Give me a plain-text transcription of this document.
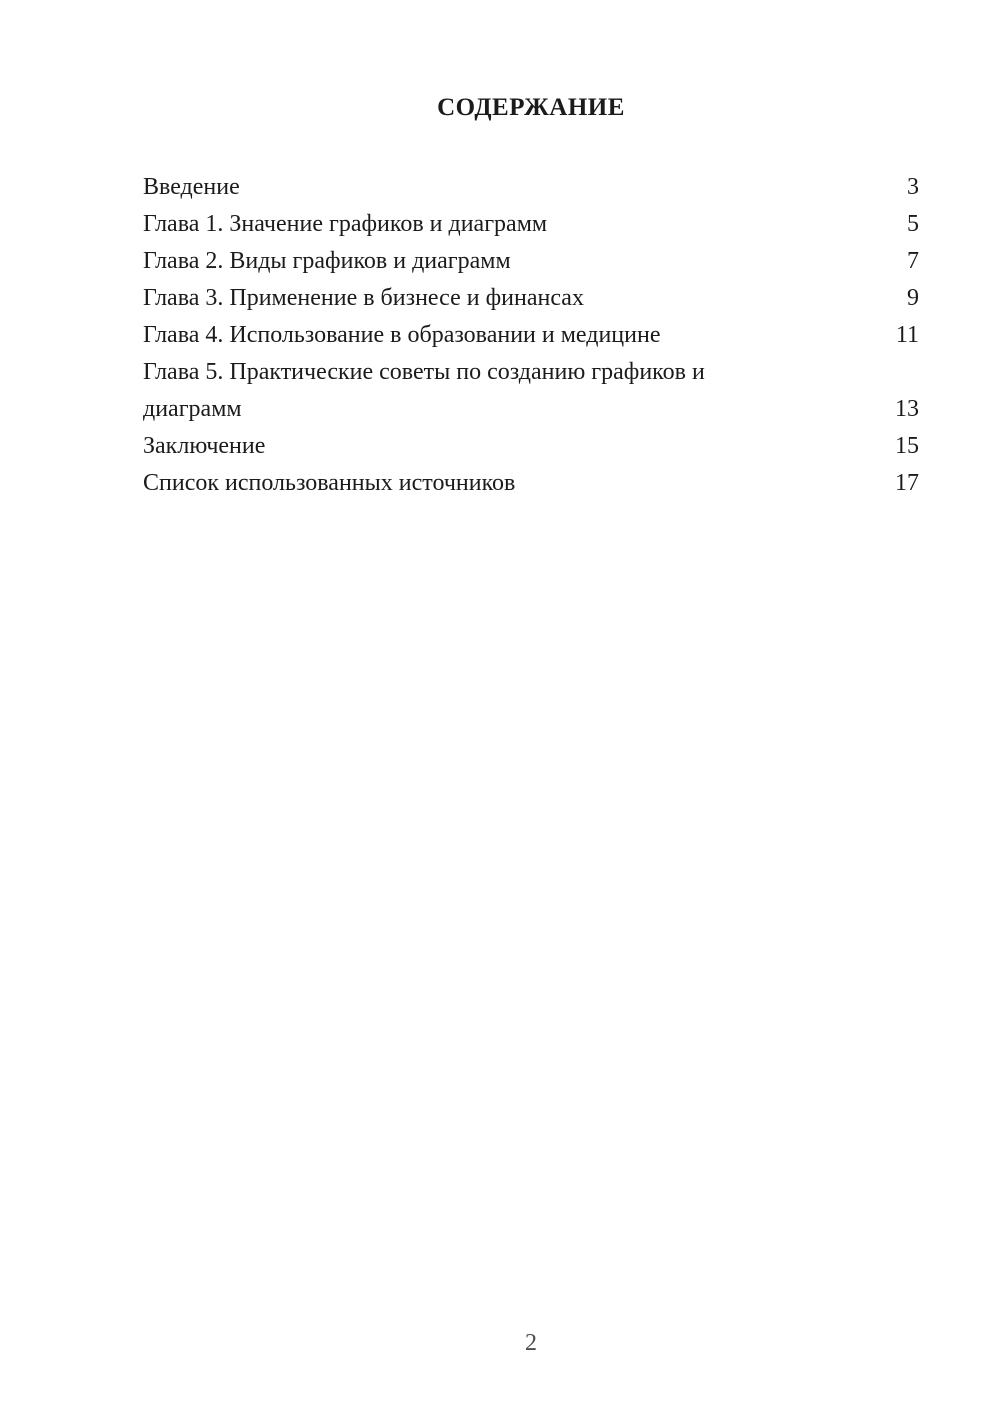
СОДЕРЖАНИЕ
Введение	3
Глава 1. Значение графиков и диаграмм	5
Глава 2. Виды графиков и диаграмм	7
Глава 3. Применение в бизнесе и финансах	9
Глава 4. Использование в образовании и медицине	11
Глава 5. Практические советы по созданию графиков и диаграмм	13
Заключение	15
Список использованных источников	17
2
